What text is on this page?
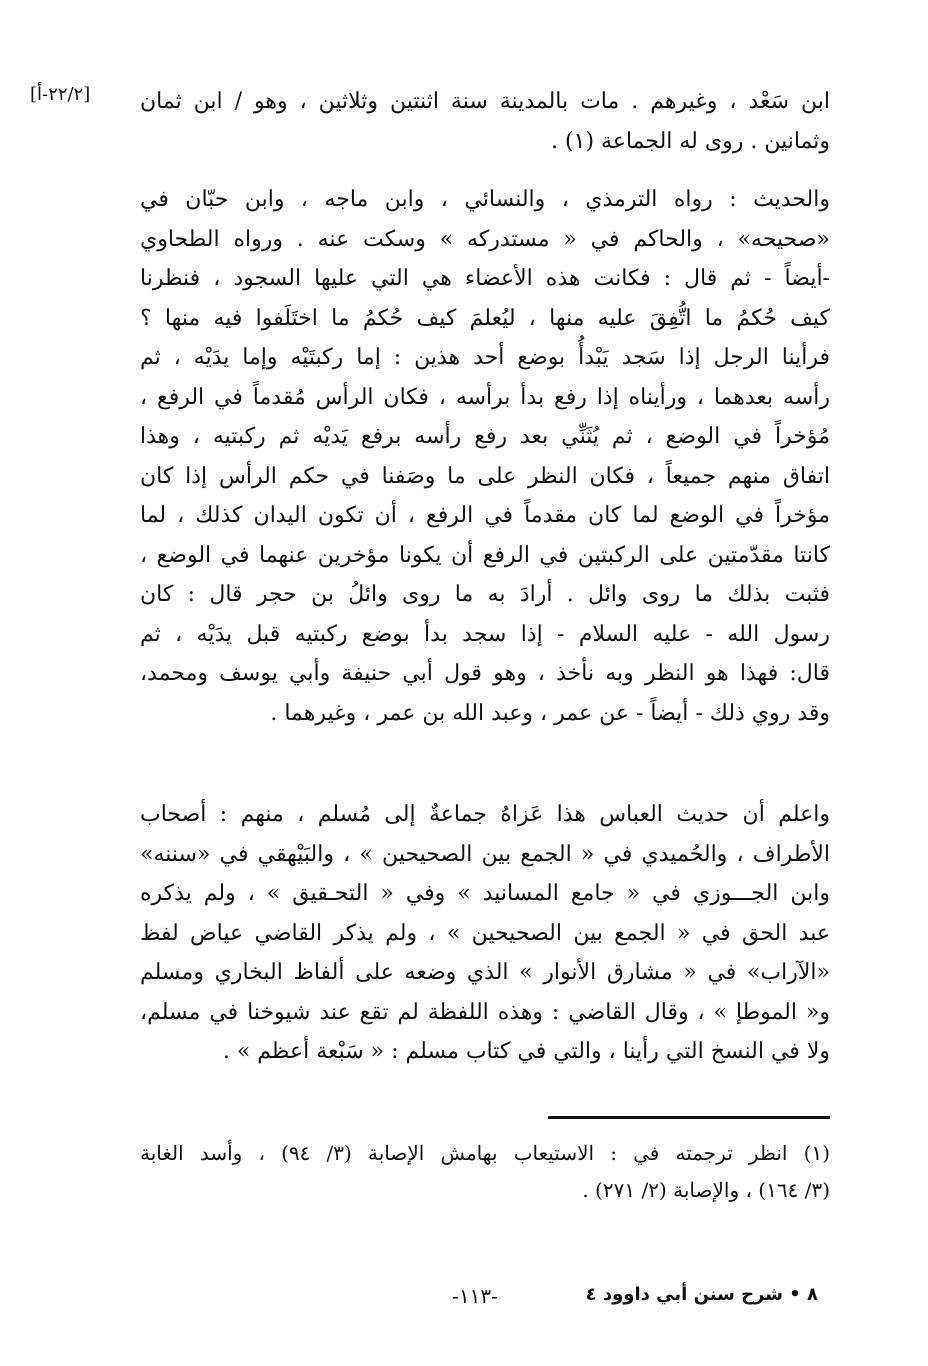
[٢٢/٢-أ] ابن سَعْد ، وغيرهم . مات بالمدينة سنة اثنتين وثلاثين ، وهو / ابن ثمان
وثمانين . روى له الجماعة (١) .
والحديث : رواه الترمذي ، والنسائي ، وابن ماجه ، وابن حبّان في
«صحيحه» ، والحاكم في « مستدركه » وسكت عنه . ورواه الطحاوي
-أيضاً - ثم قال : فكانت هذه الأعضاء هي التي عليها السجود ، فنظرنا
كيف حُكمُ ما اتُّفِقَ عليه منها ، ليُعلمَ كيف حُكمُ ما اختَلَفوا فيه منها ؟
فرأينا الرجل إذا سَجد يَبْدأُ بوضع أحد هذين : إما ركبتَيْه وإما يدَيْه ، ثم
رأسه بعدهما ، ورأيناه إذا رفع بدأ برأسه ، فكان الرأس مُقدماً في الرفع ،
مُؤخراً في الوضع ، ثم يُثَنِّي بعد رفع رأسه برفع يَديْه ثم ركبتيه ، وهذا
اتفاق منهم جميعاً ، فكان النظر على ما وصَفنا في حكم الرأس إذا كان
مؤخراً في الوضع لما كان مقدماً في الرفع ، أن تكون اليدان كذلك ، لما
كانتا مقدّمتين على الركبتين في الرفع أن يكونا مؤخرين عنهما في الوضع ،
فثبت بذلك ما روى وائل . أرادَ به ما روى وائلُ بن حجر قال : كان
رسول الله - عليه السلام - إذا سجد بدأ بوضع ركبتيه قبل يدَيْه ، ثم
قال: فهذا هو النظر وبه نأخذ ، وهو قول أبي حنيفة وأبي يوسف ومحمد،
وقد روي ذلك - أيضاً - عن عمر ، وعبد الله بن عمر ، وغيرهما .
واعلم أن حديث العباس هذا عَزاهُ جماعةٌ إلى مُسلم ، منهم : أصحاب
الأطراف ، والحُميدي في « الجمع بين الصحيحين » ، والبَيْهقي في «سننه»
وابن الجـــوزي في « جامع المسانيد » وفي « التحـقيق » ، ولم يذكره
عبد الحق في « الجمع بين الصحيحين » ، ولم يذكر القاضي عياض لفظ
«الآراب» في « مشارق الأنوار » الذي وضعه على ألفاظ البخاري ومسلم
و« الموطإ » ، وقال القاضي : وهذه اللفظة لم تقع عند شيوخنا في مسلم،
ولا في النسخ التي رأينا ، والتي في كتاب مسلم : « سَبْعة أعظم » .
(١) انظر ترجمته في : الاستيعاب بهامش الإصابة (٣/ ٩٤) ، وأسد الغابة
(٣/ ١٦٤) ، والإصابة (٢/ ٢٧١) .
-١١٣-	٨ • شرح سنن أبي داوود ٤
